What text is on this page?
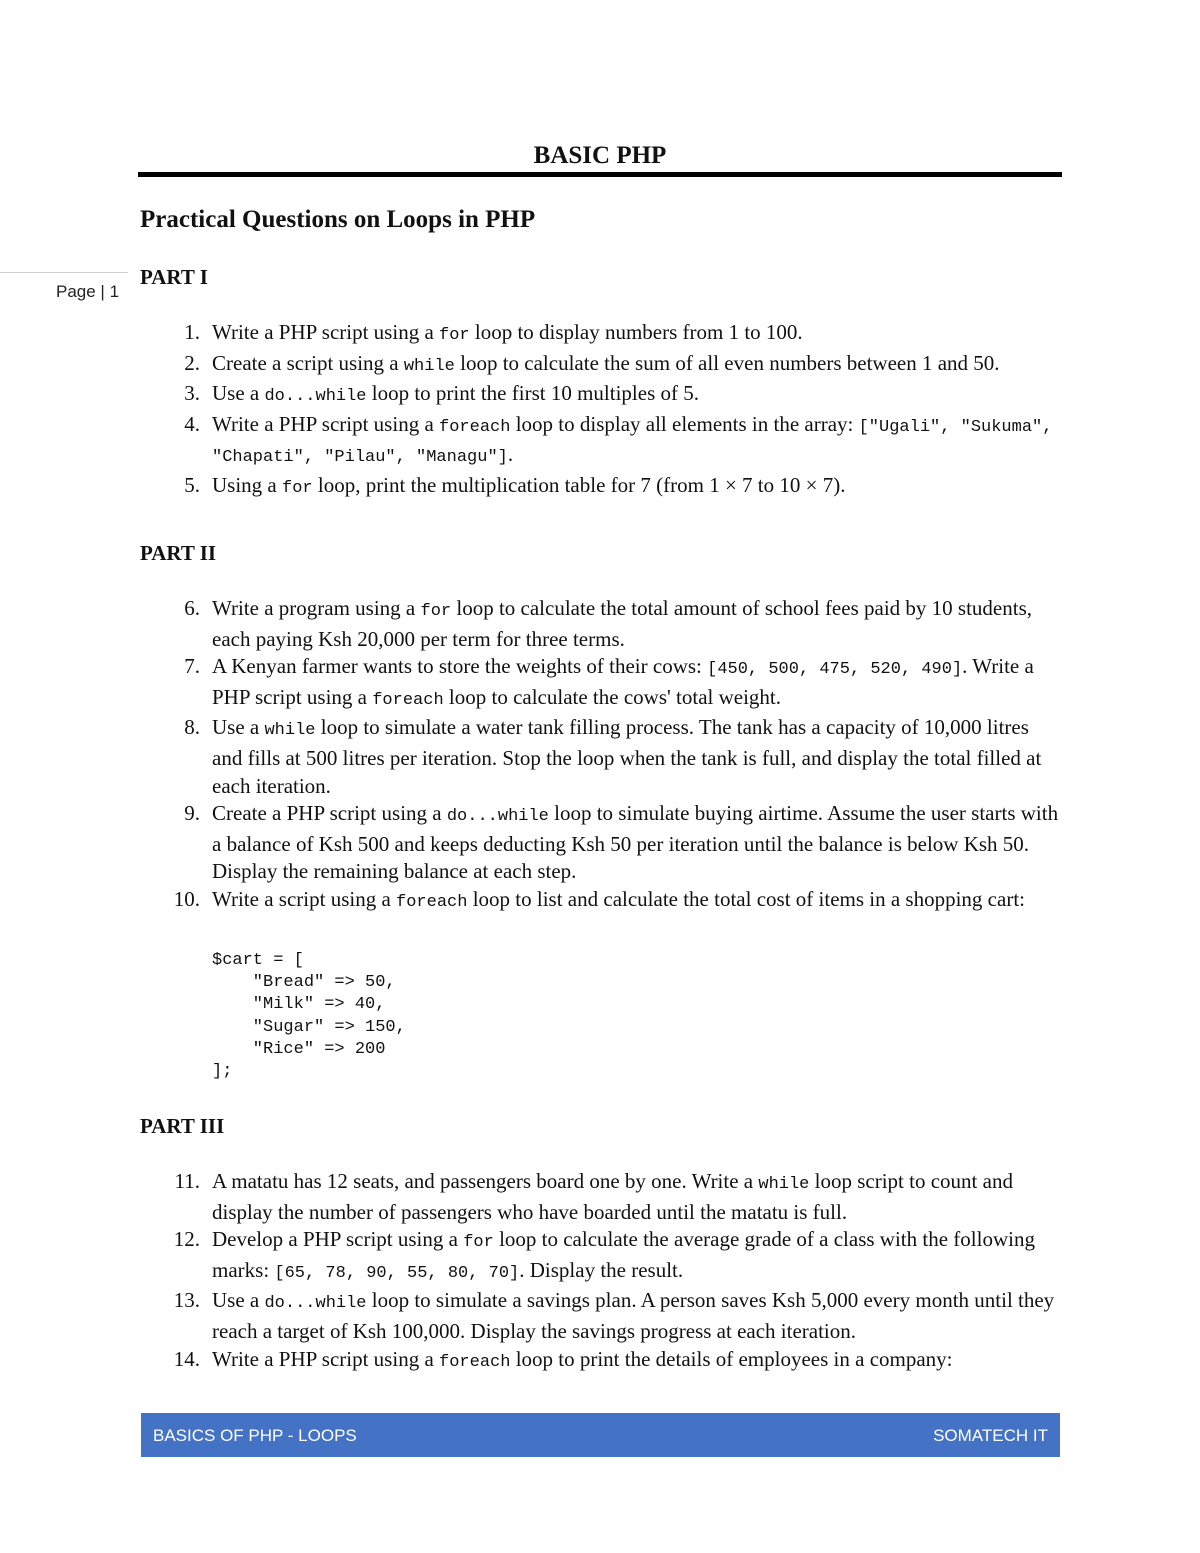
Page | 1
BASIC PHP
Practical Questions on Loops in PHP
PART I
1. Write a PHP script using a for loop to display numbers from 1 to 100.
2. Create a script using a while loop to calculate the sum of all even numbers between 1 and 50.
3. Use a do...while loop to print the first 10 multiples of 5.
4. Write a PHP script using a foreach loop to display all elements in the array: ["Ugali", "Sukuma", "Chapati", "Pilau", "Managu"].
5. Using a for loop, print the multiplication table for 7 (from 1 × 7 to 10 × 7).
PART II
6. Write a program using a for loop to calculate the total amount of school fees paid by 10 students, each paying Ksh 20,000 per term for three terms.
7. A Kenyan farmer wants to store the weights of their cows: [450, 500, 475, 520, 490]. Write a PHP script using a foreach loop to calculate the cows' total weight.
8. Use a while loop to simulate a water tank filling process. The tank has a capacity of 10,000 litres and fills at 500 litres per iteration. Stop the loop when the tank is full, and display the total filled at each iteration.
9. Create a PHP script using a do...while loop to simulate buying airtime. Assume the user starts with a balance of Ksh 500 and keeps deducting Ksh 50 per iteration until the balance is below Ksh 50. Display the remaining balance at each step.
10. Write a script using a foreach loop to list and calculate the total cost of items in a shopping cart:
$cart = [
"Bread" => 50,
"Milk" => 40,
"Sugar" => 150,
"Rice" => 200
];
PART III
11. A matatu has 12 seats, and passengers board one by one. Write a while loop script to count and display the number of passengers who have boarded until the matatu is full.
12. Develop a PHP script using a for loop to calculate the average grade of a class with the following marks: [65, 78, 90, 55, 80, 70]. Display the result.
13. Use a do...while loop to simulate a savings plan. A person saves Ksh 5,000 every month until they reach a target of Ksh 100,000. Display the savings progress at each iteration.
14. Write a PHP script using a foreach loop to print the details of employees in a company:
BASICS OF PHP - LOOPS	SOMATECH IT
